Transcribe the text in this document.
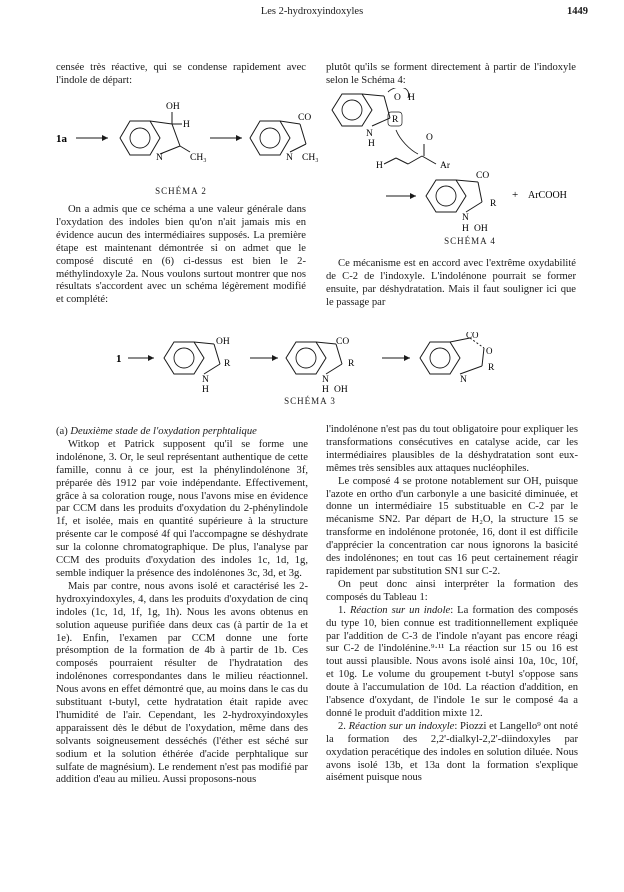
Les 2-hydroxyindoxyles	1449

censée très réactive, qui se condense rapidement avec l'indole de départ:

1a
OH
H
N	CH₃
CO
N CH₃
SCHÉMA 2

On a admis que ce schéma a une valeur générale dans l'oxydation des indoles bien qu'on n'ait jamais mis en évidence aucun des intermédiaires supposés. La première étape est maintenant démontrée si on admet que le composé discuté en (6) ci-dessus est bien le 2-méthylindoxyle 2a. Nous voulons surtout montrer que nos résultats s'accordent avec un schéma légèrement modifié et complété:

plutôt qu'ils se forment directement à partir de l'indoxyle selon le Schéma 4:

O H
R
N
H
O
H	Ar
CO
R
N
H OH
+ ArCOOH
SCHÉMA 4

Ce mécanisme est en accord avec l'extrême oxydabilité de C-2 de l'indoxyle. L'indolénone pourrait se former ensuite, par déshydratation. Mais il faut souligner ici que le passage par

1
OH
R
N
H
CO
R
N
H OH
CO
O
R
N
SCHÉMA 3

(a) Deuxième stade de l'oxydation perphtalique

Witkop et Patrick supposent qu'il se forme une indolénone, 3. Or, le seul représentant authentique de cette famille, connu à ce jour, est la phénylindolénone 3f, préparée dès 1912 par voie indépendante. Effectivement, grâce à sa coloration rouge, nous l'avons mise en évidence par CCM dans les produits d'oxydation du 2-phénylindole 1f, et isolée, mais en quantité supérieure à la structure présente car le composé 4f qui l'accompagne se déshydrate sur la colonne chromatographique. De plus, l'analyse par CCM des produits d'oxydation des indoles 1c, 1d, 1g, semble indiquer la présence des indolénones 3c, 3d, et 3g.

Mais par contre, nous avons isolé et caractérisé les 2-hydroxyindoxyles, 4, dans les produits d'oxydation de cinq indoles (1c, 1d, 1f, 1g, 1h). Nous les avons obtenus en solution aqueuse purifiée dans deux cas (à partir de 1a et 1e). Enfin, l'examen par CCM donne une forte présomption de la formation de 4b à partir de 1b. Ces composés pourraient résulter de l'hydratation des indolénones correspondantes dans le milieu réactionnel. Nous avons en effet démontré que, au moins dans le cas du substituant t-butyl, cette hydratation était rapide avec l'humidité de l'air. Cependant, les 2-hydroxyindoxyles apparaissent dès le début de l'oxydation, même dans des solvants soigneusement desséchés (l'éther est séché sur sodium et la solution éthérée d'acide perphtalique sur sulfate de magnésium). Le rendement n'est pas modifié par addition d'eau au milieu. Aussi proposons-nous

l'indolénone n'est pas du tout obligatoire pour expliquer les transformations consécutives en catalyse acide, car les intermédiaires plausibles de la déshydratation sont eux-mêmes très sensibles aux attaques nucléophiles.

Le composé 4 se protone notablement sur OH, puisque l'azote en ortho d'un carbonyle a une basicité diminuée, et donne un intermédiaire 15 substituable en C-2 par le mécanisme SN2. Par départ de H₂O, la structure 15 se transforme en indolénone protonée, 16, dont il est difficile d'apprécier la concentration car nous ignorons la basicité des indolénones; en tout cas 16 peut certainement réagir rapidement par substitution SN1 sur C-2.

On peut donc ainsi interpréter la formation des composés du Tableau 1:

1. Réaction sur un indole: La formation des composés du type 10, bien connue est traditionnellement expliquée par l'addition de C-3 de l'indole n'ayant pas encore réagi sur C-2 de l'indolénine.⁹·¹¹ La réaction sur 15 ou 16 est tout aussi plausible. Nous avons isolé ainsi 10a, 10c, 10f, et 10g. Le volume du groupement t-butyl s'oppose sans doute à l'accumulation de 10d. La réaction d'addition, en l'absence d'oxydant, de l'indole 1e sur le composé 4a a donné le produit d'addition mixte 12.

2. Réaction sur un indoxyle: Piozzi et Langello⁹ ont noté la formation des 2,2'-dialkyl-2,2'-diindoxyles par oxydation peracétique des indoles en solution diluée. Nous avons isolé 13b, et 13a dont la formation s'explique aisément puisque nous
